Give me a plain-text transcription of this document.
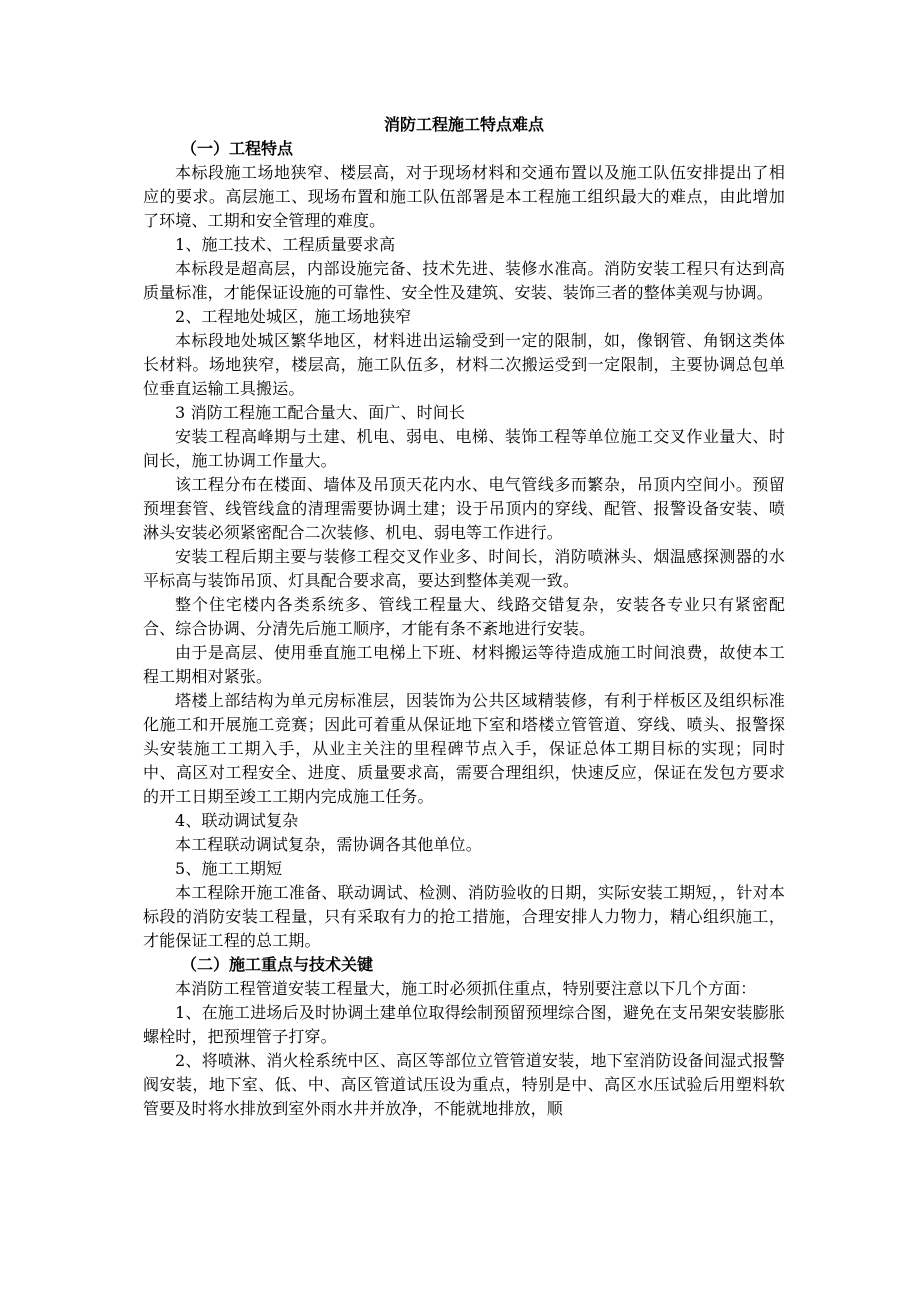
消防工程施工特点难点

（一）工程特点

本标段施工场地狭窄、楼层高，对于现场材料和交通布置以及施工队伍安排提出了相应的要求。高层施工、现场布置和施工队伍部署是本工程施工组织最大的难点，由此增加了环境、工期和安全管理的难度。

1、施工技术、工程质量要求高

本标段是超高层，内部设施完备、技术先进、装修水准高。消防安装工程只有达到高质量标准，才能保证设施的可靠性、安全性及建筑、安装、装饰三者的整体美观与协调。

2、工程地处城区，施工场地狭窄

本标段地处城区繁华地区，材料进出运输受到一定的限制，如，像钢管、角钢这类体长材料。场地狭窄，楼层高，施工队伍多，材料二次搬运受到一定限制，主要协调总包单位垂直运输工具搬运。

3 消防工程施工配合量大、面广、时间长

安装工程高峰期与土建、机电、弱电、电梯、装饰工程等单位施工交叉作业量大、时间长，施工协调工作量大。

该工程分布在楼面、墙体及吊顶天花内水、电气管线多而繁杂，吊顶内空间小。预留预埋套管、线管线盒的清理需要协调土建；设于吊顶内的穿线、配管、报警设备安装、喷淋头安装必须紧密配合二次装修、机电、弱电等工作进行。

安装工程后期主要与装修工程交叉作业多、时间长，消防喷淋头、烟温感探测器的水平标高与装饰吊顶、灯具配合要求高，要达到整体美观一致。

整个住宅楼内各类系统多、管线工程量大、线路交错复杂，安装各专业只有紧密配合、综合协调、分清先后施工顺序，才能有条不紊地进行安装。

由于是高层、使用垂直施工电梯上下班、材料搬运等待造成施工时间浪费，故使本工程工期相对紧张。

塔楼上部结构为单元房标准层，因装饰为公共区域精装修，有利于样板区及组织标准化施工和开展施工竞赛；因此可着重从保证地下室和塔楼立管管道、穿线、喷头、报警探头安装施工工期入手，从业主关注的里程碑节点入手，保证总体工期目标的实现；同时中、高区对工程安全、进度、质量要求高，需要合理组织，快速反应，保证在发包方要求的开工日期至竣工工期内完成施工任务。

4、联动调试复杂

本工程联动调试复杂，需协调各其他单位。

5、施工工期短

本工程除开施工准备、联动调试、检测、消防验收的日期，实际安装工期短，，针对本标段的消防安装工程量，只有采取有力的抢工措施，合理安排人力物力，精心组织施工，才能保证工程的总工期。

（二）施工重点与技术关键

本消防工程管道安装工程量大，施工时必须抓住重点，特别要注意以下几个方面：

1、在施工进场后及时协调土建单位取得绘制预留预埋综合图，避免在支吊架安装膨胀螺栓时，把预埋管子打穿。

2、将喷淋、消火栓系统中区、高区等部位立管管道安装，地下室消防设备间湿式报警阀安装，地下室、低、中、高区管道试压设为重点，特别是中、高区水压试验后用塑料软管要及时将水排放到室外雨水井并放净，不能就地排放，顺
